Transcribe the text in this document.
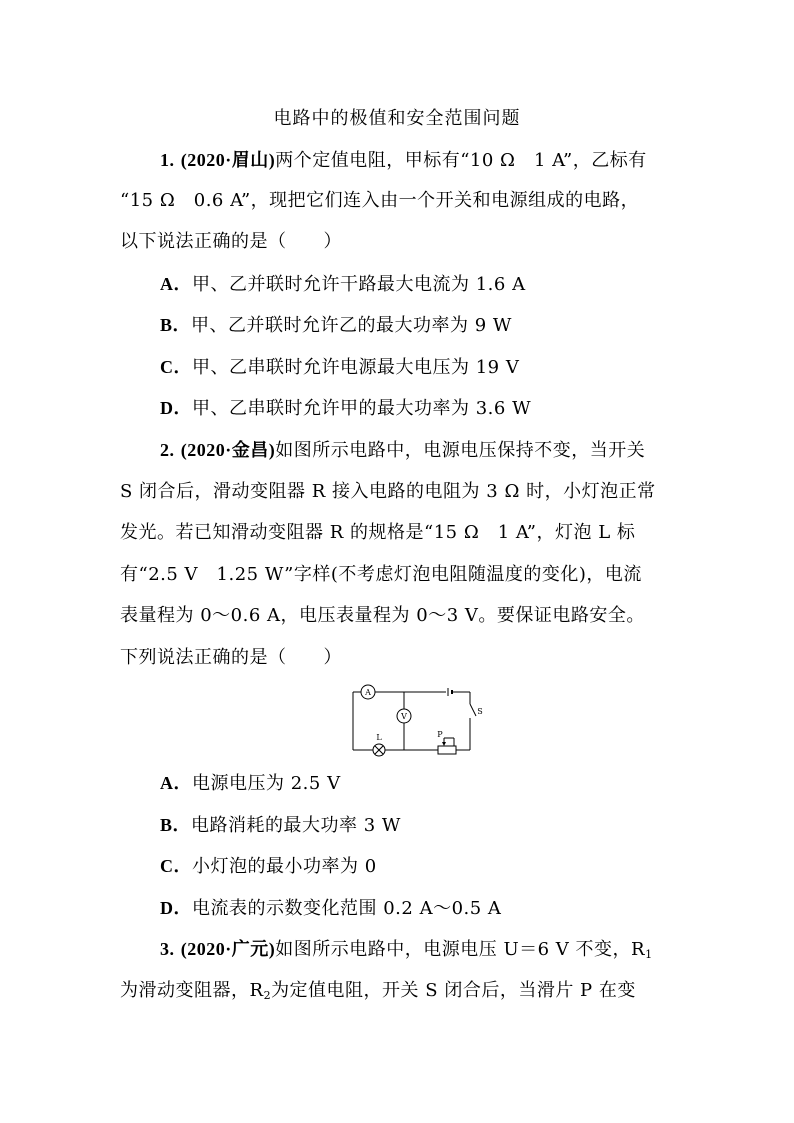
电路中的极值和安全范围问题
1. (2020·眉山)两个定值电阻，甲标有“10 Ω　1 A”，乙标有
“15 Ω　0.6 A”，现把它们连入由一个开关和电源组成的电路，
以下说法正确的是（　　）
A．甲、乙并联时允许干路最大电流为 1.6 A
B．甲、乙并联时允许乙的最大功率为 9 W
C．甲、乙串联时允许电源最大电压为 19 V
D．甲、乙串联时允许甲的最大功率为 3.6 W
2. (2020·金昌)如图所示电路中，电源电压保持不变，当开关
S 闭合后，滑动变阻器 R 接入电路的电阻为 3 Ω 时，小灯泡正常
发光。若已知滑动变阻器 R 的规格是“15 Ω　1 A”，灯泡 L 标
有“2.5 V　1.25 W”字样(不考虑灯泡电阻随温度的变化)，电流
表量程为 0～0.6 A，电压表量程为 0～3 V。要保证电路安全。
下列说法正确的是（　　）
A
V
L	P
S
A．电源电压为 2.5 V
B．电路消耗的最大功率 3 W
C．小灯泡的最小功率为 0
D．电流表的示数变化范围 0.2 A～0.5 A
3. (2020·广元)如图所示电路中，电源电压 U＝6 V 不变，$R_1$
为滑动变阻器，$R_2$为定值电阻，开关 S 闭合后，当滑片 P 在变
